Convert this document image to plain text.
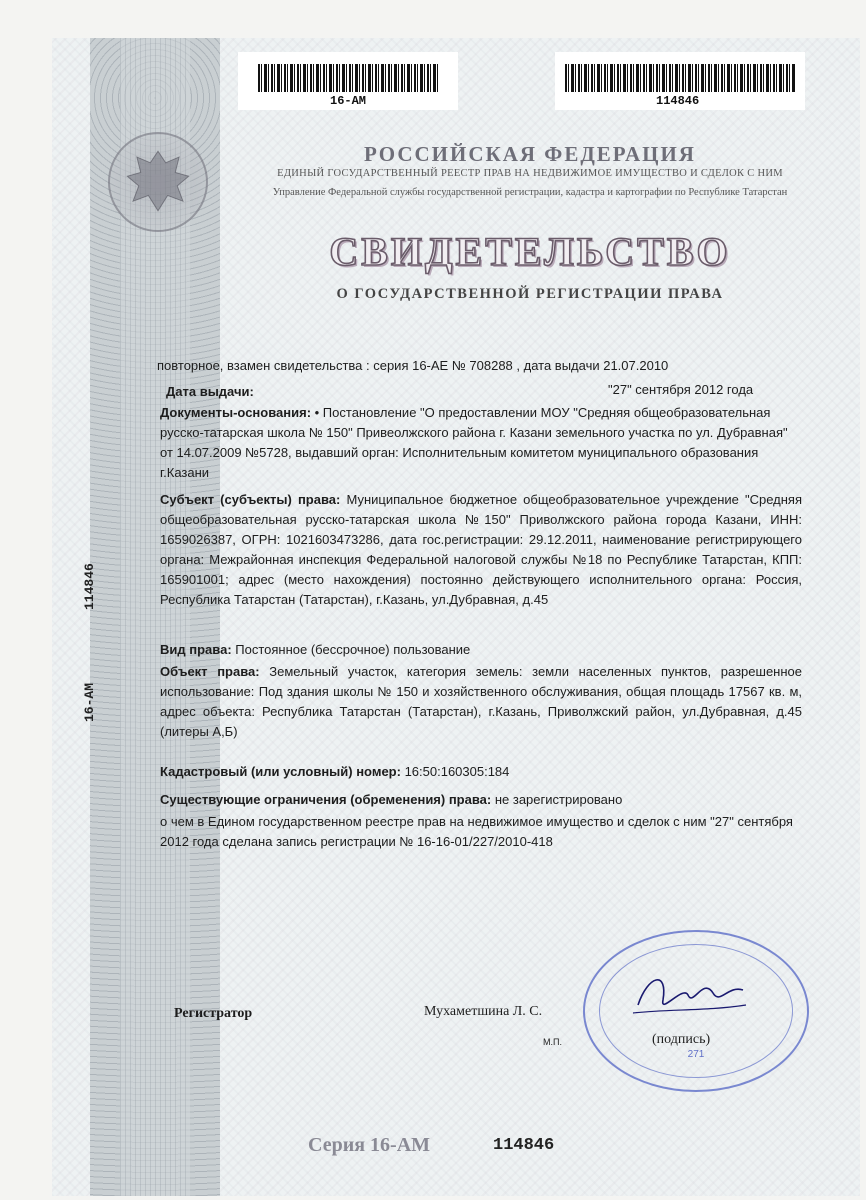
16-АМ	114846
РОССИЙСКАЯ ФЕДЕРАЦИЯ
ЕДИНЫЙ ГОСУДАРСТВЕННЫЙ РЕЕСТР ПРАВ НА НЕДВИЖИМОЕ ИМУЩЕСТВО И СДЕЛОК С НИМ
Управление Федеральной службы государственной регистрации, кадастра и картографии по Республике Татарстан
СВИДЕТЕЛЬСТВО
О ГОСУДАРСТВЕННОЙ РЕГИСТРАЦИИ ПРАВА
114846
16-АМ
повторное, взамен свидетельства : серия 16-АЕ № 708288 , дата выдачи 21.07.2010
Дата выдачи:	"27" сентября 2012 года
Документы-основания: • Постановление "О предоставлении МОУ "Средняя общеобразовательная русско-татарская школа № 150" Привеолжского района г. Казани земельного участка по ул. Дубравная" от 14.07.2009 №5728, выдавший орган: Исполнительным комитетом муниципального образования г.Казани
Субъект (субъекты) права: Муниципальное бюджетное общеобразовательное учреждение "Средняя общеобразовательная русско-татарская школа №150" Приволжского района города Казани, ИНН: 1659026387, ОГРН: 1021603473286, дата гос.регистрации: 29.12.2011, наименование регистрирующего органа: Межрайонная инспекция Федеральной налоговой службы №18 по Республике Татарстан, КПП: 165901001; адрес (место нахождения) постоянно действующего исполнительного органа: Россия, Республика Татарстан (Татарстан), г.Казань, ул.Дубравная, д.45
Вид права: Постоянное (бессрочное) пользование
Объект права: Земельный участок, категория земель: земли населенных пунктов, разрешенное использование: Под здания школы № 150 и хозяйственного обслуживания, общая площадь 17567 кв. м, адрес объекта: Республика Татарстан (Татарстан), г.Казань, Приволжский район, ул.Дубравная, д.45 (литеры А,Б)
Кадастровый (или условный) номер: 16:50:160305:184
Существующие ограничения (обременения) права: не зарегистрировано
о чем в Едином государственном реестре прав на недвижимое имущество и сделок с ним "27" сентября 2012 года сделана запись регистрации № 16-16-01/227/2010-418
Регистратор	Мухаметшина Л. С.
М.П.
271
(подпись)
Серия 16-АМ	114846
